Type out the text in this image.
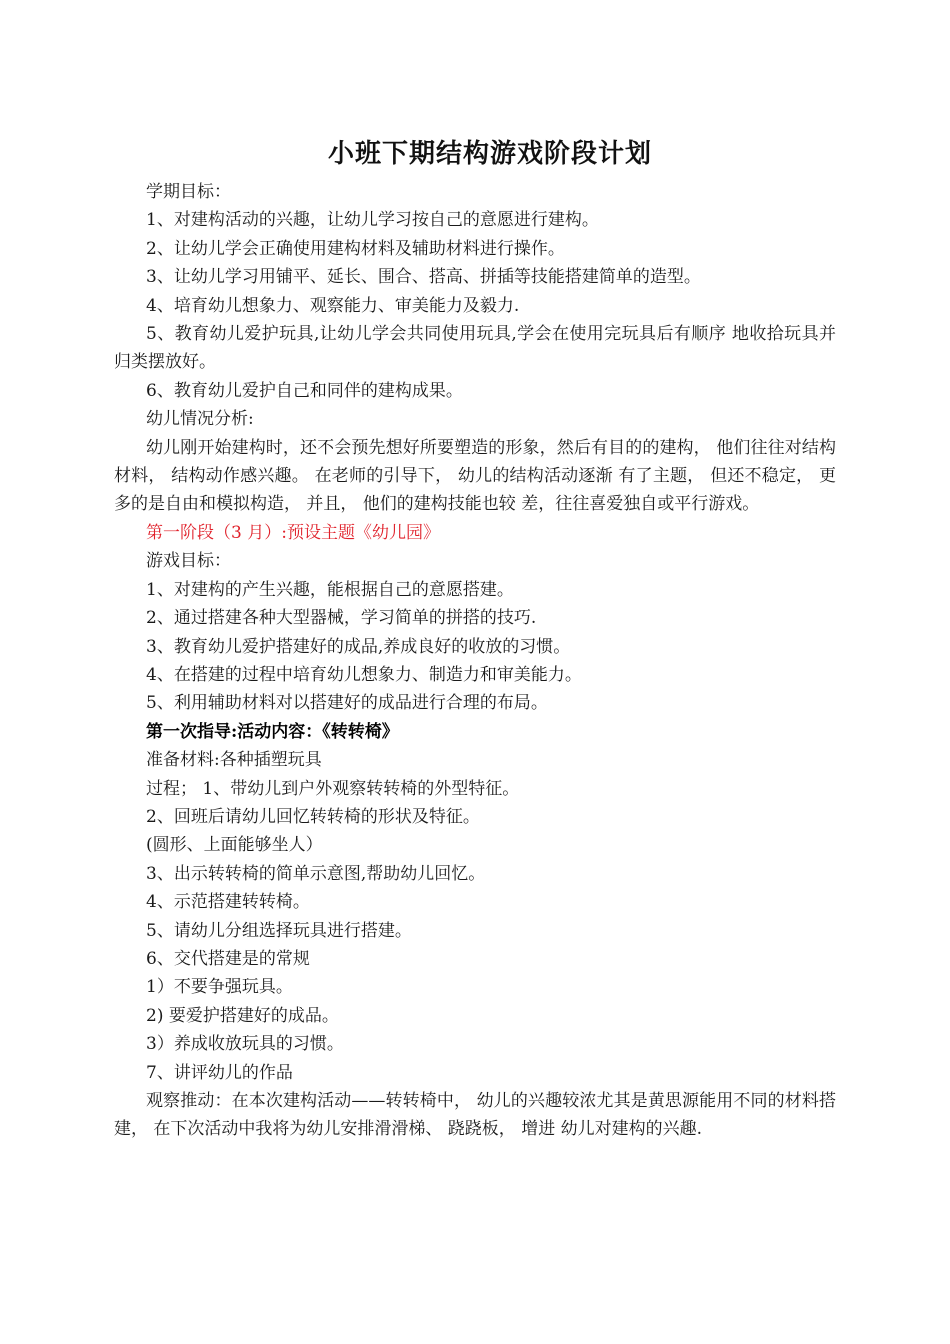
小班下期结构游戏阶段计划

学期目标：

1、对建构活动的兴趣，让幼儿学习按自己的意愿进行建构。

2、让幼儿学会正确使用建构材料及辅助材料进行操作。

3、让幼儿学习用铺平、延长、围合、搭高、拼插等技能搭建简单的造型。

4、培育幼儿想象力、观察能力、审美能力及毅力.

5、教育幼儿爱护玩具,让幼儿学会共同使用玩具,学会在使用完玩具后有顺序 地收拾玩具并归类摆放好。

6、教育幼儿爱护自己和同伴的建构成果。

幼儿情况分析:

幼儿刚开始建构时，还不会预先想好所要塑造的形象，然后有目的的建构， 他们往往对结构材料， 结构动作感兴趣。 在老师的引导下， 幼儿的结构活动逐渐 有了主题， 但还不稳定， 更多的是自由和模拟构造， 并且， 他们的建构技能也较 差，往往喜爱独自或平行游戏。

第一阶段（3 月）:预设主题《幼儿园》

游戏目标：

1、对建构的产生兴趣，能根据自己的意愿搭建。

2、通过搭建各种大型器械，学习简单的拼搭的技巧.

3、教育幼儿爱护搭建好的成品,养成良好的收放的习惯。

4、在搭建的过程中培育幼儿想象力、制造力和审美能力。

5、利用辅助材料对以搭建好的成品进行合理的布局。

第一次指导:活动内容：《转转椅》

准备材料:各种插塑玩具

过程； 1、带幼儿到户外观察转转椅的外型特征。

2、回班后请幼儿回忆转转椅的形状及特征。

(圆形、上面能够坐人）

3、出示转转椅的简单示意图,帮助幼儿回忆。

4、示范搭建转转椅。

5、请幼儿分组选择玩具进行搭建。

6、交代搭建是的常规

1）不要争强玩具。

2) 要爱护搭建好的成品。

3）养成收放玩具的习惯。

7、讲评幼儿的作品

观察推动：在本次建构活动——转转椅中， 幼儿的兴趣较浓尤其是黄思源能用不同的材料搭建， 在下次活动中我将为幼儿安排滑滑梯、 跷跷板， 增进 幼儿对建构的兴趣.
